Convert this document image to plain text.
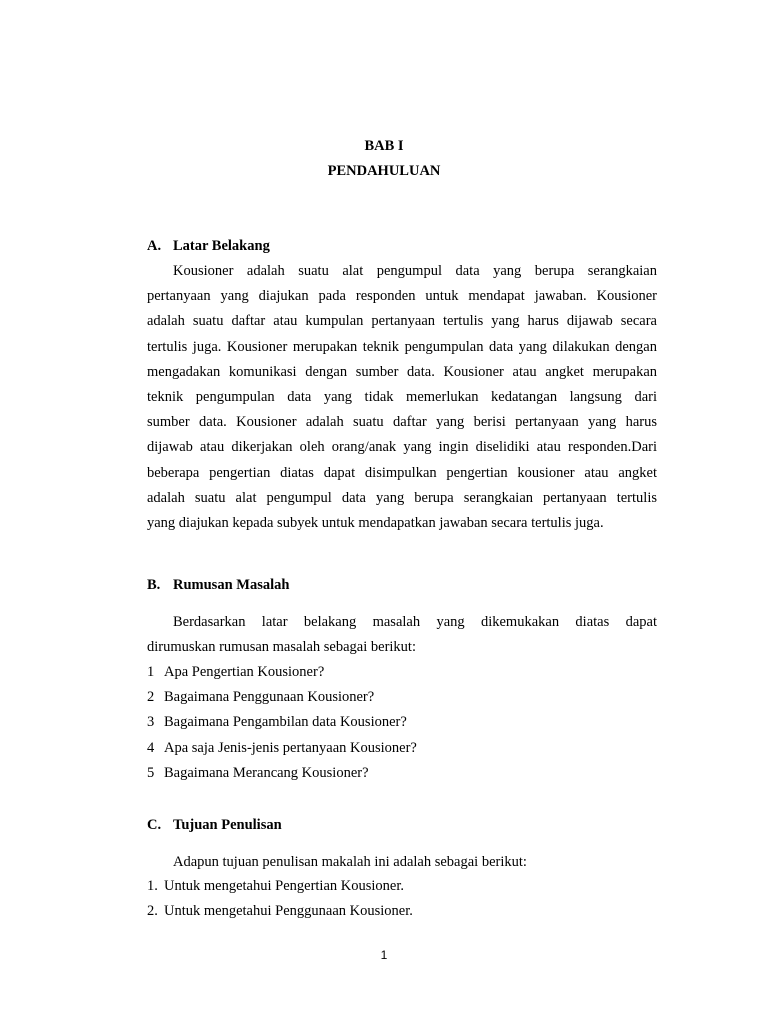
BAB I
PENDAHULUAN
A. Latar Belakang
Kousioner adalah suatu alat pengumpul data yang berupa serangkaian
pertanyaan yang diajukan pada responden untuk mendapat jawaban. Kousioner
adalah suatu daftar atau kumpulan pertanyaan tertulis yang harus dijawab secara
tertulis juga. Kousioner merupakan teknik pengumpulan data yang dilakukan dengan
mengadakan komunikasi dengan sumber data. Kousioner atau angket merupakan
teknik pengumpulan data yang tidak memerlukan kedatangan langsung dari
sumber data. Kousioner adalah suatu daftar yang berisi pertanyaan yang harus
dijawab atau dikerjakan oleh orang/anak yang ingin diselidiki atau responden.Dari
beberapa pengertian diatas dapat disimpulkan pengertian kousioner atau angket
adalah suatu alat pengumpul data yang berupa serangkaian pertanyaan tertulis
yang diajukan kepada subyek untuk mendapatkan jawaban secara tertulis juga.
B. Rumusan Masalah
Berdasarkan latar belakang masalah yang dikemukakan diatas dapat
dirumuskan rumusan masalah sebagai berikut:
1 Apa Pengertian Kousioner?
2 Bagaimana Penggunaan Kousioner?
3 Bagaimana Pengambilan data Kousioner?
4 Apa saja Jenis-jenis pertanyaan Kousioner?
5 Bagaimana Merancang Kousioner?
C. Tujuan Penulisan
Adapun tujuan penulisan makalah ini adalah sebagai berikut:
1. Untuk mengetahui Pengertian Kousioner.
2. Untuk mengetahui Penggunaan Kousioner.
1
